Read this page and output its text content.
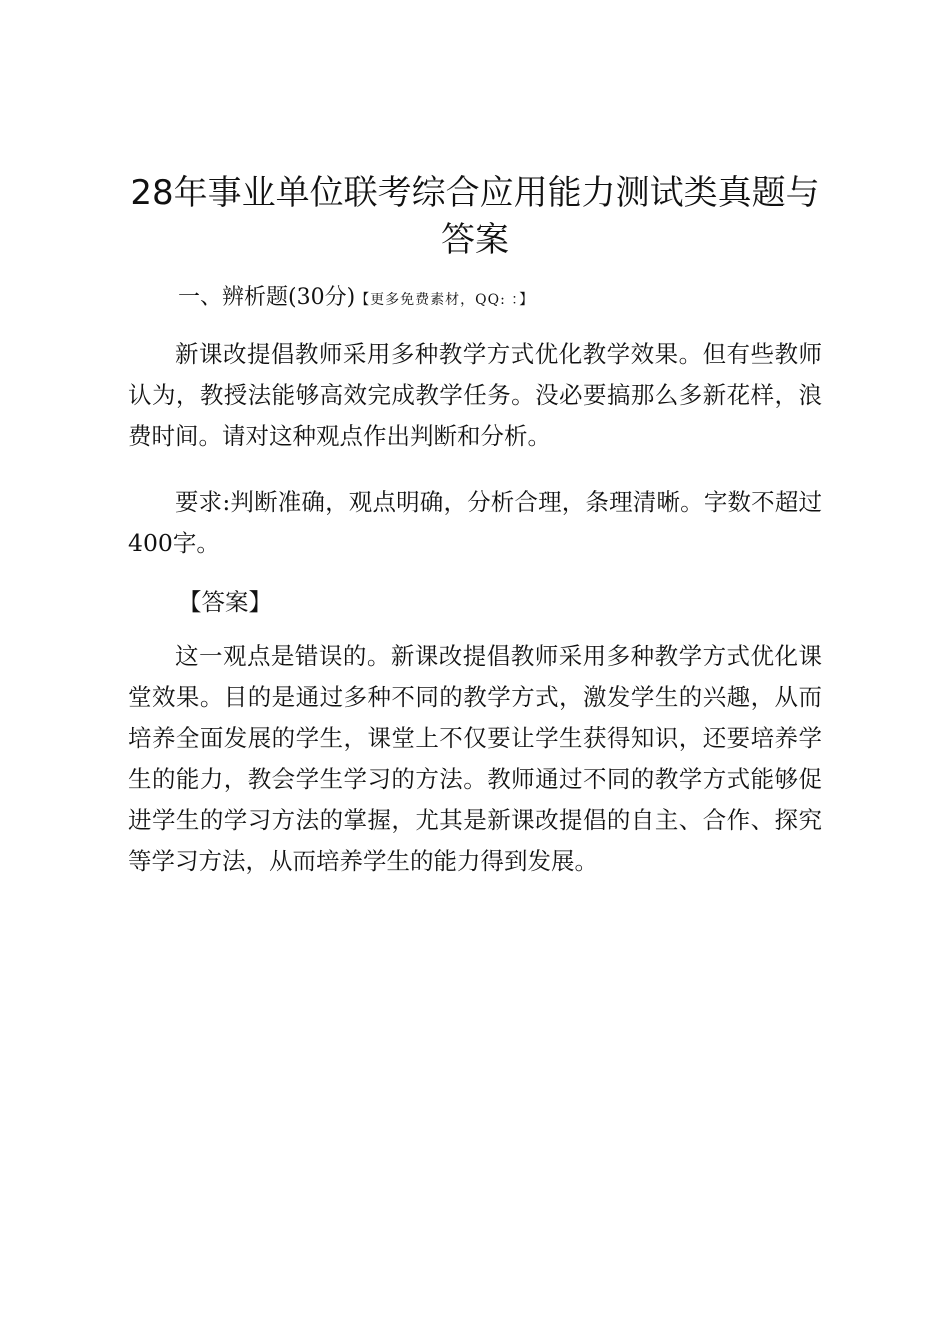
28年事业单位联考综合应用能力测试类真题与
答案
一、辨析题(30分)【更多免费素材，QQ: ：】

新课改提倡教师采用多种教学方式优化教学效果。但有些教师认为，教授法能够高效完成教学任务。没必要搞那么多新花样，浪费时间。请对这种观点作出判断和分析。

要求:判断准确，观点明确，分析合理，条理清晰。字数不超过400字。

【答案】

这一观点是错误的。新课改提倡教师采用多种教学方式优化课堂效果。目的是通过多种不同的教学方式，激发学生的兴趣，从而培养全面发展的学生，课堂上不仅要让学生获得知识，还要培养学生的能力，教会学生学习的方法。教师通过不同的教学方式能够促进学生的学习方法的掌握，尤其是新课改提倡的自主、合作、探究等学习方法，从而培养学生的能力得到发展。
